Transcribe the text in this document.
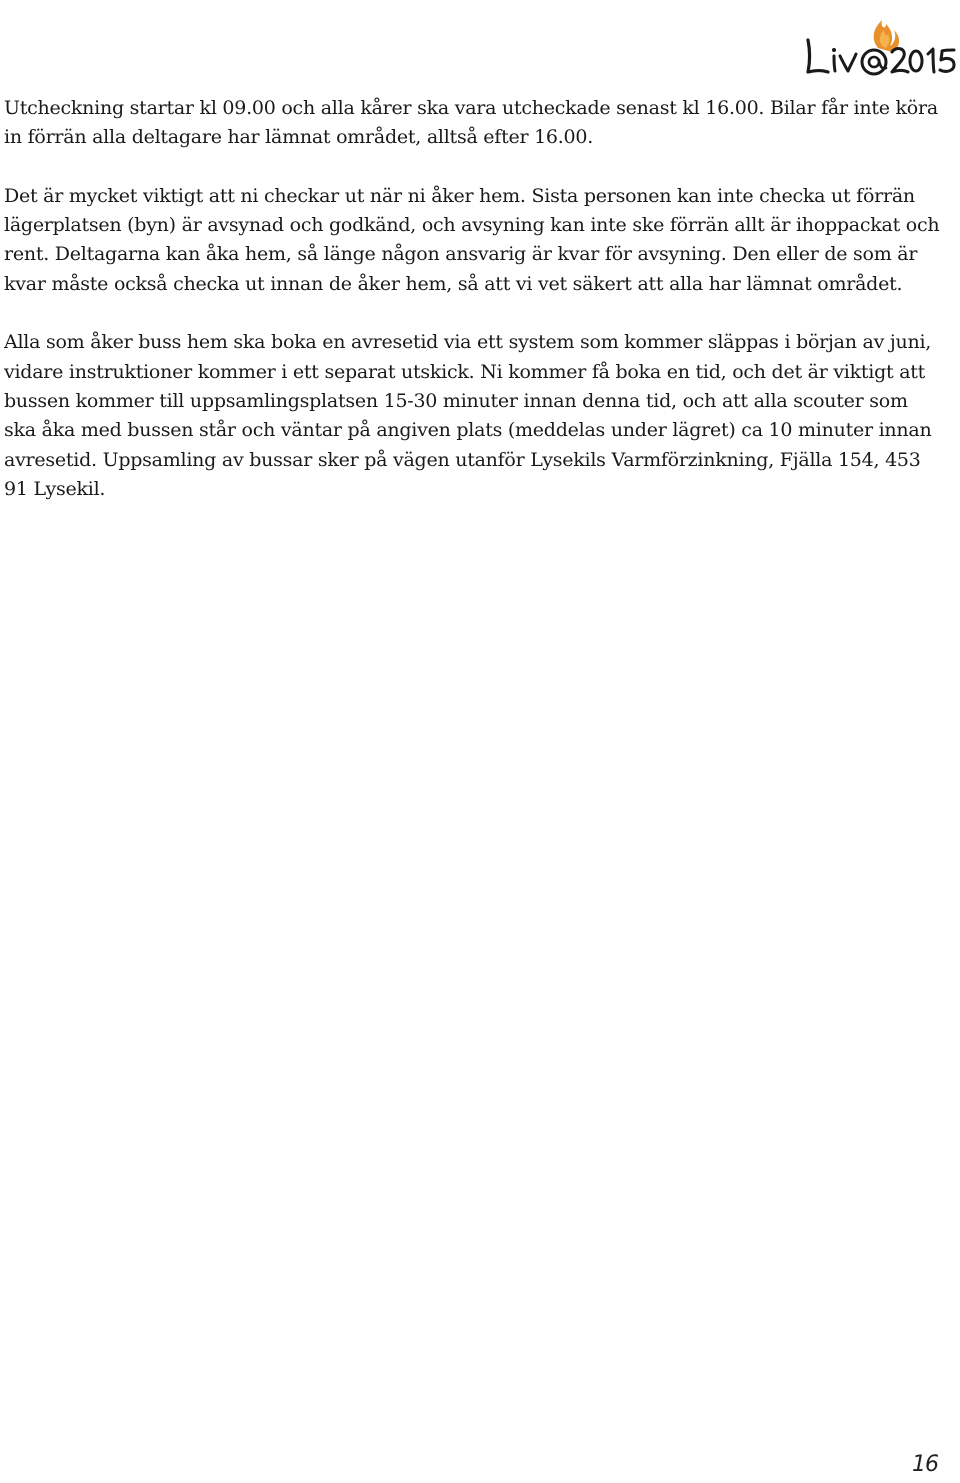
Utcheckning startar kl 09.00 och alla kårer ska vara utcheckade senast kl 16.00. Bilar får inte köra in förrän alla deltagare har lämnat området, alltså efter 16.00.

Det är mycket viktigt att ni checkar ut när ni åker hem. Sista personen kan inte checka ut förrän lägerplatsen (byn) är avsynad och godkänd, och avsyning kan inte ske förrän allt är ihoppackat och rent. Deltagarna kan åka hem, så länge någon ansvarig är kvar för avsyning. Den eller de som är kvar måste också checka ut innan de åker hem, så att vi vet säkert att alla har lämnat området.

Alla som åker buss hem ska boka en avresetid via ett system som kommer släppas i början av juni, vidare instruktioner kommer i ett separat utskick. Ni kommer få boka en tid, och det är viktigt att bussen kommer till uppsamlingsplatsen 15-30 minuter innan denna tid, och att alla scouter som ska åka med bussen står och väntar på angiven plats (meddelas under lägret) ca 10 minuter innan avresetid. Uppsamling av bussar sker på vägen utanför Lysekils Varmförzinkning, Fjälla 154, 453 91 Lysekil.

16
